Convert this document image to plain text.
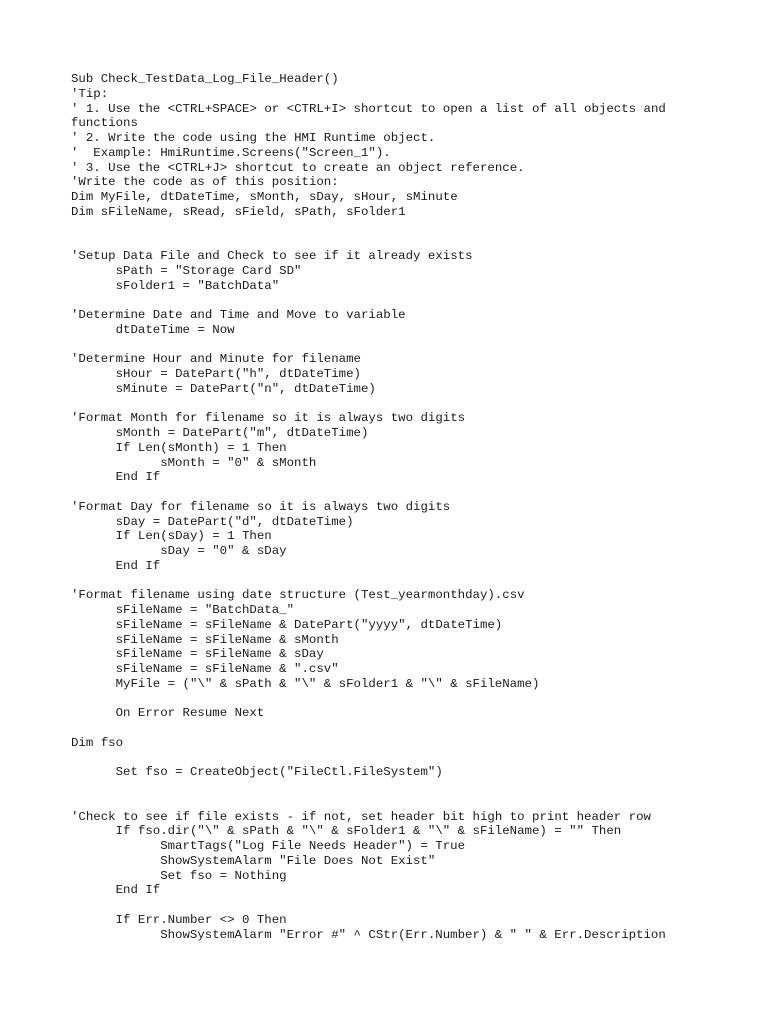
Sub Check_TestData_Log_File_Header()
'Tip:
' 1. Use the <CTRL+SPACE> or <CTRL+I> shortcut to open a list of all objects and
functions
' 2. Write the code using the HMI Runtime object.
'  Example: HmiRuntime.Screens("Screen_1").
' 3. Use the <CTRL+J> shortcut to create an object reference.
'Write the code as of this position:
Dim MyFile, dtDateTime, sMonth, sDay, sHour, sMinute
Dim sFileName, sRead, sField, sPath, sFolder1
'Setup Data File and Check to see if it already exists
sPath = "Storage Card SD"
sFolder1 = "BatchData"
'Determine Date and Time and Move to variable
dtDateTime = Now
'Determine Hour and Minute for filename
sHour = DatePart("h", dtDateTime)
sMinute = DatePart("n", dtDateTime)
'Format Month for filename so it is always two digits
sMonth = DatePart("m", dtDateTime)
If Len(sMonth) = 1 Then
sMonth = "0" & sMonth
End If
'Format Day for filename so it is always two digits
sDay = DatePart("d", dtDateTime)
If Len(sDay) = 1 Then
sDay = "0" & sDay
End If
'Format filename using date structure (Test_yearmonthday).csv
sFileName = "BatchData_"
sFileName = sFileName & DatePart("yyyy", dtDateTime)
sFileName = sFileName & sMonth
sFileName = sFileName & sDay
sFileName = sFileName & ".csv"
MyFile = ("\" & sPath & "\" & sFolder1 & "\" & sFileName)
On Error Resume Next
Dim fso
Set fso = CreateObject("FileCtl.FileSystem")
'Check to see if file exists - if not, set header bit high to print header row
If fso.dir("\" & sPath & "\" & sFolder1 & "\" & sFileName) = "" Then
SmartTags("Log File Needs Header") = True
ShowSystemAlarm "File Does Not Exist"
Set fso = Nothing
End If
If Err.Number <> 0 Then
ShowSystemAlarm "Error #" ^ CStr(Err.Number) & " " & Err.Description
